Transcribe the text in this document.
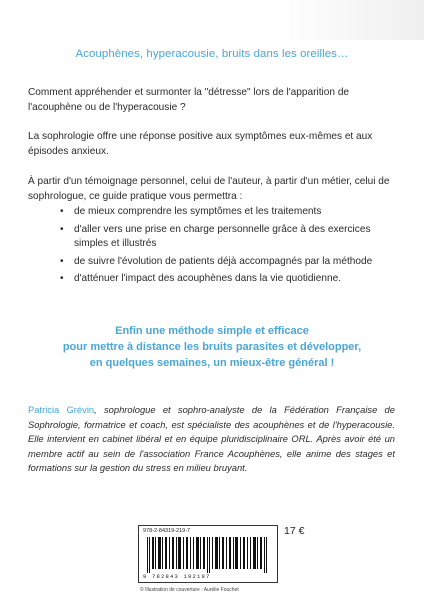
Acouphènes, hyperacousie, bruits dans les oreilles…
Comment appréhender et surmonter la "détresse" lors de l'apparition de l'acouphène ou de l'hyperacousie ?
La sophrologie offre une réponse positive aux symptômes eux-mêmes et aux épisodes anxieux.
À partir d'un témoignage personnel, celui de l'auteur, à partir d'un métier, celui de sophrologue, ce guide pratique vous permettra :
• de mieux comprendre les symptômes et les traitements
• d'aller vers une prise en charge personnelle grâce à des exercices simples et illustrés
• de suivre l'évolution de patients déjà accompagnés par la méthode
• d'atténuer l'impact des acouphènes dans la vie quotidienne.
Enfin une méthode simple et efficace
pour mettre à distance les bruits parasites et développer,
en quelques semaines, un mieux-être général !
Patricia Grévin, sophrologue et sophro-analyste de la Fédération Française de Sophrologie, formatrice et coach, est spécialiste des acouphènes et de l'hyperacousie. Elle intervient en cabinet libéral et en équipe pluridisciplinaire ORL. Après avoir été un membre actif au sein de l'association France Acouphènes, elle anime des stages et formations sur la gestion du stress en milieu bruyant.
978-2-84319-219-7
9 782843 192197
17 €
© Illustration de couverture : Aurélie Fouchet
